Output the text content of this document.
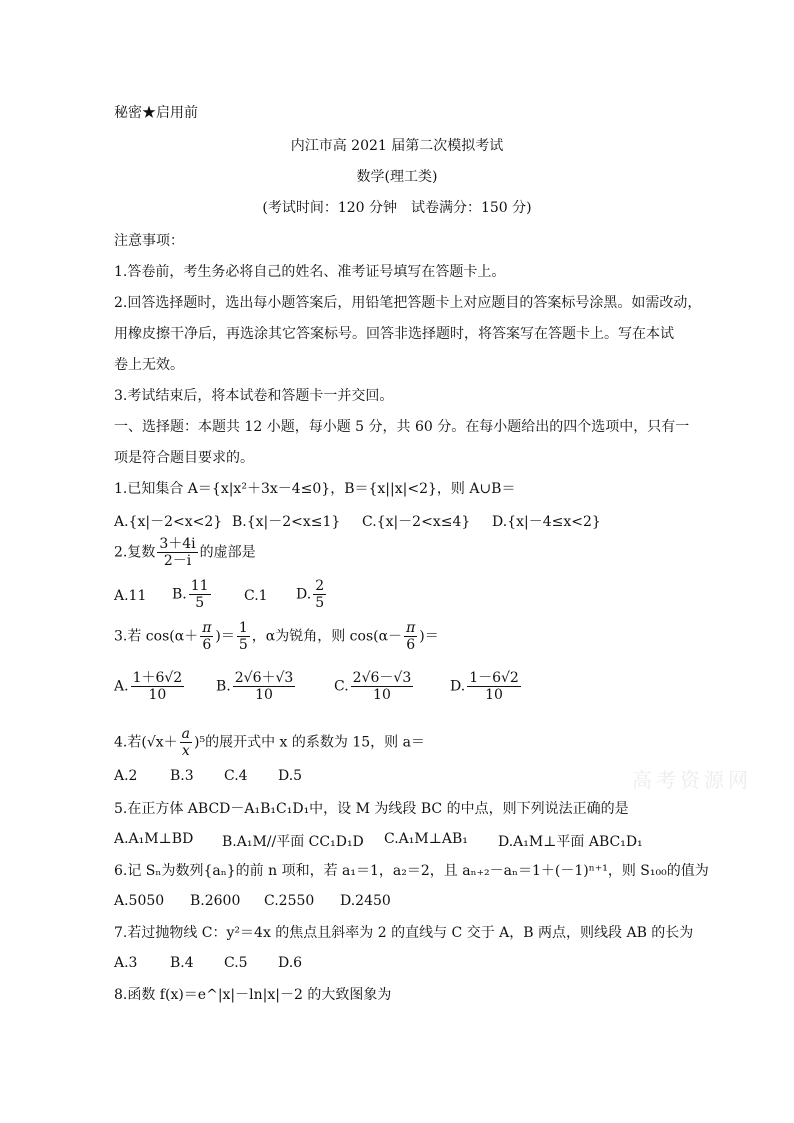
秘密★启用前
内江市高 2021 届第二次模拟考试
数学(理工类)
(考试时间：120 分钟　试卷满分：150 分)
注意事项：
1.答卷前，考生务必将自己的姓名、准考证号填写在答题卡上。
2.回答选择题时，选出每小题答案后，用铅笔把答题卡上对应题目的答案标号涂黑。如需改动，
用橡皮擦干净后，再选涂其它答案标号。回答非选择题时，将答案写在答题卡上。写在本试
卷上无效。
3.考试结束后，将本试卷和答题卡一并交回。
一、选择题：本题共 12 小题，每小题 5 分，共 60 分。在每小题给出的四个选项中，只有一
项是符合题目要求的。
1.已知集合 A＝{x|x²＋3x－4≤0}，B＝{x||x|<2}，则 A∪B＝
A.{x|－2<x<2} B.{x|－2<x≤1} C.{x|－2<x≤4} D.{x|－4≤x<2}
2.复数 $\frac{3+4i}{2-i}$ 的虚部是
A.11 B. $\frac{11}{5} C.1$ D. $\frac{2}{5}$
3.若 $\cos(\alpha+ \frac{\pi}{6}$ )＝ $\frac{1}{5}$ ，α为锐角，则 $\cos(\alpha- \frac{\pi}{6}$ )＝
A. $\frac{1+6√2}{10} B$. $\frac{2√6+√3}{10}$	C. $\frac{2√6-√3}{10}$	D. $\frac{1-6√2}{10}$
4.若$(√x+ \frac{a}{x} )^5$的展开式中 x 的系数为 15，则 a＝
A.2 B.3 C.4 D.5	高考资源网
5.在正方体 ABCD－A₁B₁C₁D₁中，设 M 为线段 BC 的中点，则下列说法正确的是
A.A₁M⊥BD B.A₁M//平面 CC₁D₁D C.A₁M⊥AB₁ D.A₁M⊥平面 ABC₁D₁
6.记 Sₙ为数列{aₙ}的前 n 项和，若 a₁＝1，a₂＝2，且 aₙ₊₂－aₙ＝1＋(－1)ⁿ⁺¹，则 S₁₀₀的值为
A.5050 B.2600 C.2550 D.2450
7.若过抛物线 C：y²＝4x 的焦点且斜率为 2 的直线与 C 交于 A，B 两点，则线段 AB 的长为
A.3 B.4 C.5 D.6
8.函数 f(x)＝e^|x|－ln|x|－2 的大致图象为
